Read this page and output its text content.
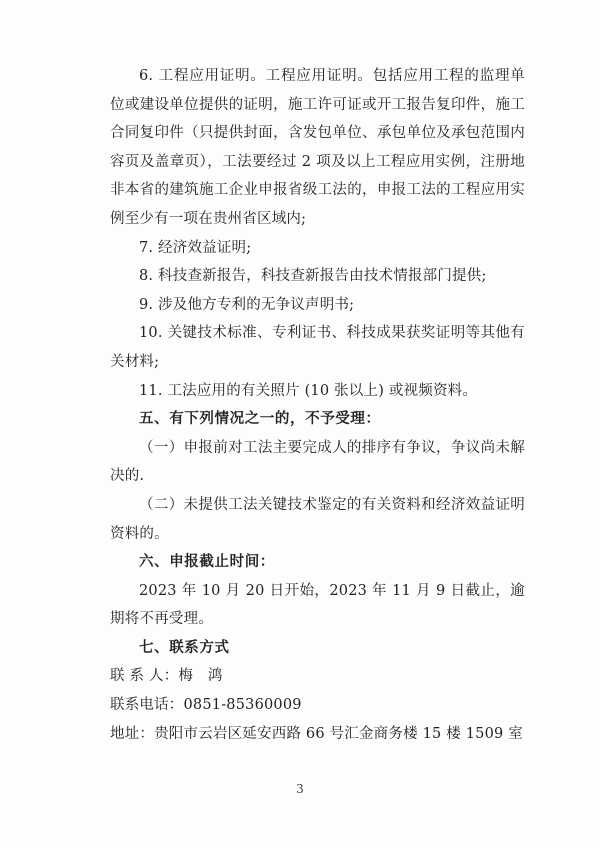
6. 工程应用证明。工程应用证明。包括应用工程的监理单位或建设单位提供的证明，施工许可证或开工报告复印件，施工合同复印件（只提供封面，含发包单位、承包单位及承包范围内容页及盖章页），工法要经过 2 项及以上工程应用实例，注册地非本省的建筑施工企业申报省级工法的，申报工法的工程应用实例至少有一项在贵州省区域内;

7. 经济效益证明;

8. 科技查新报告，科技查新报告由技术情报部门提供;

9. 涉及他方专利的无争议声明书;

10. 关键技术标准、专利证书、科技成果获奖证明等其他有关材料;

11. 工法应用的有关照片 (10 张以上) 或视频资料。

五、有下列情况之一的，不予受理：

（一）申报前对工法主要完成人的排序有争议，争议尚未解决的.

（二）未提供工法关键技术鉴定的有关资料和经济效益证明资料的。

六、申报截止时间：

2023 年 10 月 20 日开始，2023 年 11 月 9 日截止，逾期将不再受理。

七、联系方式

联 系 人：梅　鸿

联系电话：0851-85360009

地址：贵阳市云岩区延安西路 66 号汇金商务楼 15 楼 1509 室

3
